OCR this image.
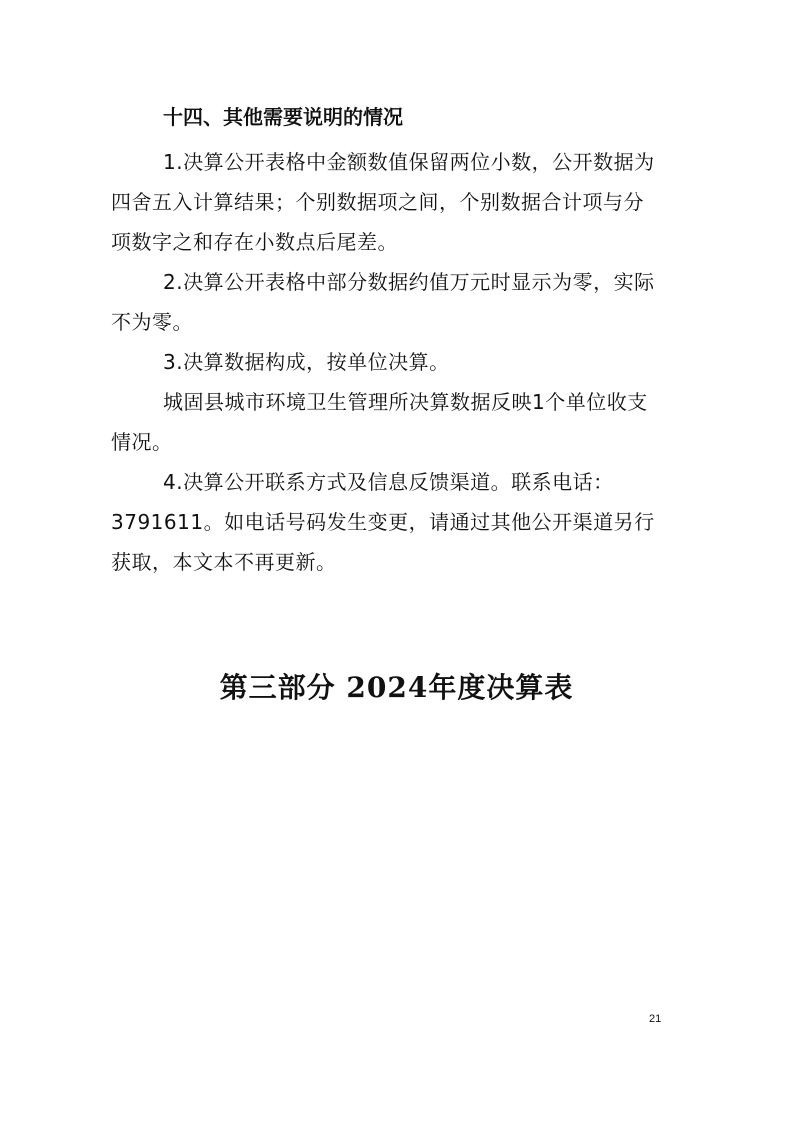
十四、其他需要说明的情况
1.决算公开表格中金额数值保留两位小数，公开数据为
四舍五入计算结果；个别数据项之间，个别数据合计项与分
项数字之和存在小数点后尾差。
2.决算公开表格中部分数据约值万元时显示为零，实际
不为零。
3.决算数据构成，按单位决算。
城固县城市环境卫生管理所决算数据反映1个单位收支
情况。
4.决算公开联系方式及信息反馈渠道。联系电话：
3791611。如电话号码发生变更，请通过其他公开渠道另行
获取，本文本不再更新。
第三部分 2024年度决算表
21
